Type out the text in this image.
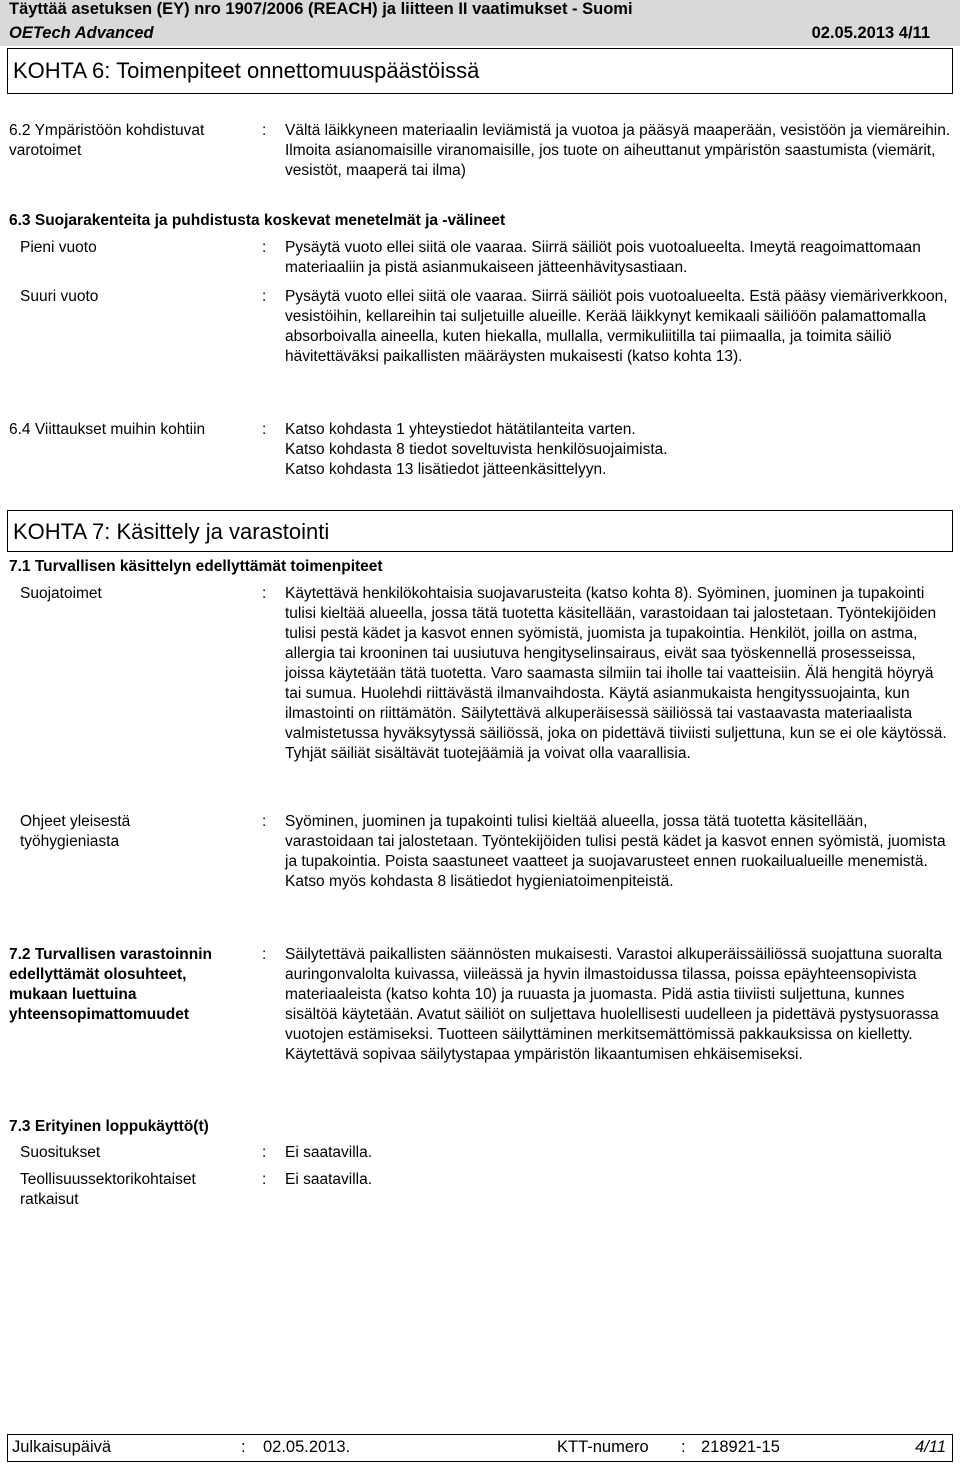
Täyttää asetuksen (EY) nro 1907/2006 (REACH) ja liitteen II vaatimukset - Suomi
OETech Advanced	02.05.2013 4/11
KOHTA 6: Toimenpiteet onnettomuuspäästöissä
6.2 Ympäristöön kohdistuvat varotoimet
: Vältä läikkyneen materiaalin leviämistä ja vuotoa ja pääsyä maaperään, vesistöön ja viemäreihin. Ilmoita asianomaisille viranomaisille, jos tuote on aiheuttanut ympäristön saastumista (viemärit, vesistöt, maaperä tai ilma)
6.3 Suojarakenteita ja puhdistusta koskevat menetelmät ja -välineet
Pieni vuoto	: Pysäytä vuoto ellei siitä ole vaaraa. Siirrä säiliöt pois vuotoalueelta. Imeytä reagoimattomaan materiaaliin ja pistä asianmukaiseen jätteenhävitysastiaan.
Suuri vuoto	: Pysäytä vuoto ellei siitä ole vaaraa. Siirrä säiliöt pois vuotoalueelta. Estä pääsy viemäriverkkoon, vesistöihin, kellareihin tai suljetuille alueille. Kerää läikkynyt kemikaali säiliöön palamattomalla absorboivalla aineella, kuten hiekalla, mullalla, vermikuliitilla tai piimaalla, ja toimita säiliö hävitettäväksi paikallisten määräysten mukaisesti (katso kohta 13).
6.4 Viittaukset muihin kohtiin	: Katso kohdasta 1 yhteystiedot hätätilanteita varten.
Katso kohdasta 8 tiedot soveltuvista henkilösuojaimista.
Katso kohdasta 13 lisätiedot jätteenkäsittelyyn.
KOHTA 7: Käsittely ja varastointi
7.1 Turvallisen käsittelyn edellyttämät toimenpiteet
Suojatoimet	: Käytettävä henkilökohtaisia suojavarusteita (katso kohta 8). Syöminen, juominen ja tupakointi tulisi kieltää alueella, jossa tätä tuotetta käsitellään, varastoidaan tai jalostetaan. Työntekijöiden tulisi pestä kädet ja kasvot ennen syömistä, juomista ja tupakointia. Henkilöt, joilla on astma, allergia tai krooninen tai uusiutuva hengityselinsairaus, eivät saa työskennellä prosesseissa, joissa käytetään tätä tuotetta. Varo saamasta silmiin tai iholle tai vaatteisiin. Älä hengitä höyryä tai sumua. Huolehdi riittävästä ilmanvaihdosta. Käytä asianmukaista hengityssuojainta, kun ilmastointi on riittämätön. Säilytettävä alkuperäisessä säiliössä tai vastaavasta materiaalista valmistetussa hyväksytyssä säiliössä, joka on pidettävä tiiviisti suljettuna, kun se ei ole käytössä. Tyhjät säiliät sisältävät tuotejäämiä ja voivat olla vaarallisia.
Ohjeet yleisestä työhygieniasta
: Syöminen, juominen ja tupakointi tulisi kieltää alueella, jossa tätä tuotetta käsitellään, varastoidaan tai jalostetaan. Työntekijöiden tulisi pestä kädet ja kasvot ennen syömistä, juomista ja tupakointia. Poista saastuneet vaatteet ja suojavarusteet ennen ruokailualueille menemistä. Katso myös kohdasta 8 lisätiedot hygieniatoimenpiteistä.
7.2 Turvallisen varastoinnin edellyttämät olosuhteet, mukaan luettuina yhteensopimattomuudet
: Säilytettävä paikallisten säännösten mukaisesti. Varastoi alkuperäissäiliössä suojattuna suoralta auringonvalolta kuivassa, viileässä ja hyvin ilmastoidussa tilassa, poissa epäyhteensopivista materiaaleista (katso kohta 10) ja ruuasta ja juomasta. Pidä astia tiiviisti suljettuna, kunnes sisältöä käytetään. Avatut säiliöt on suljettava huolellisesti uudelleen ja pidettävä pystysuorassa vuotojen estämiseksi. Tuotteen säilyttäminen merkitsemättömissä pakkauksissa on kielletty. Käytettävä sopivaa säilytystapaa ympäristön likaantumisen ehkäisemiseksi.
7.3 Erityinen loppukäyttö(t)
Suositukset	: Ei saatavilla.
Teollisuussektorikohtaiset ratkaisut
: Ei saatavilla.
Julkaisupäivä	: 02.05.2013.	KTT-numero : 218921-15	4/11
